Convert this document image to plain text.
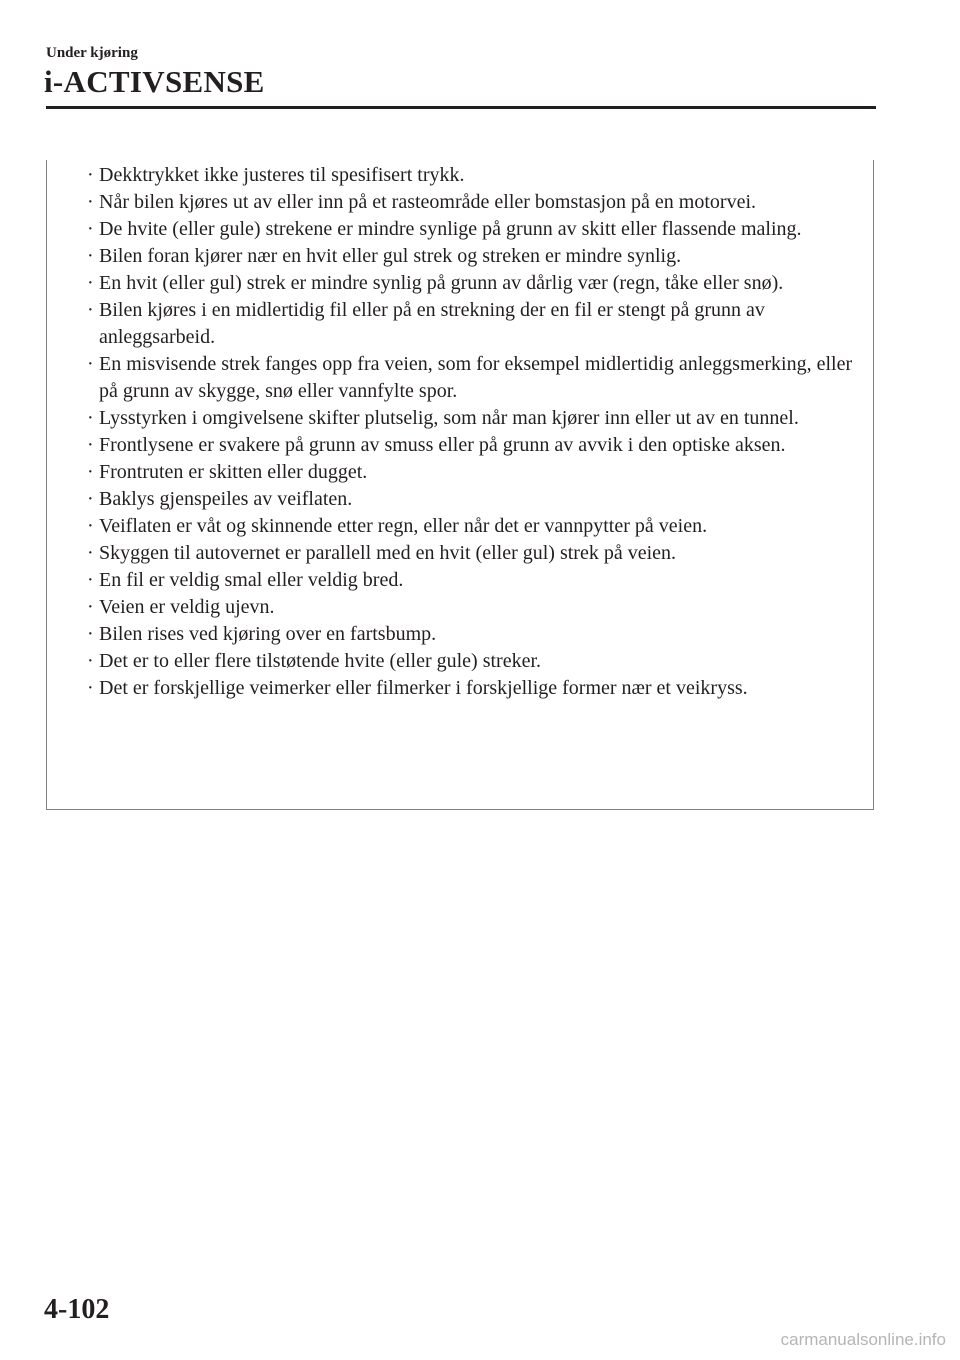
Under kjøring
i-ACTIVSENSE
· Dekktrykket ikke justeres til spesifisert trykk.
· Når bilen kjøres ut av eller inn på et rasteområde eller bomstasjon på en motorvei.
· De hvite (eller gule) strekene er mindre synlige på grunn av skitt eller flassende maling.
· Bilen foran kjører nær en hvit eller gul strek og streken er mindre synlig.
· En hvit (eller gul) strek er mindre synlig på grunn av dårlig vær (regn, tåke eller snø).
· Bilen kjøres i en midlertidig fil eller på en strekning der en fil er stengt på grunn av anleggsarbeid.
· En misvisende strek fanges opp fra veien, som for eksempel midlertidig anleggsmerking, eller på grunn av skygge, snø eller vannfylte spor.
· Lysstyrken i omgivelsene skifter plutselig, som når man kjører inn eller ut av en tunnel.
· Frontlysene er svakere på grunn av smuss eller på grunn av avvik i den optiske aksen.
· Frontruten er skitten eller dugget.
· Baklys gjenspeiles av veiflaten.
· Veiflaten er våt og skinnende etter regn, eller når det er vannpytter på veien.
· Skyggen til autovernet er parallell med en hvit (eller gul) strek på veien.
· En fil er veldig smal eller veldig bred.
· Veien er veldig ujevn.
· Bilen rises ved kjøring over en fartsbump.
· Det er to eller flere tilstøtende hvite (eller gule) streker.
· Det er forskjellige veimerker eller filmerker i forskjellige former nær et veikryss.
4-102
carmanualsonline.info
